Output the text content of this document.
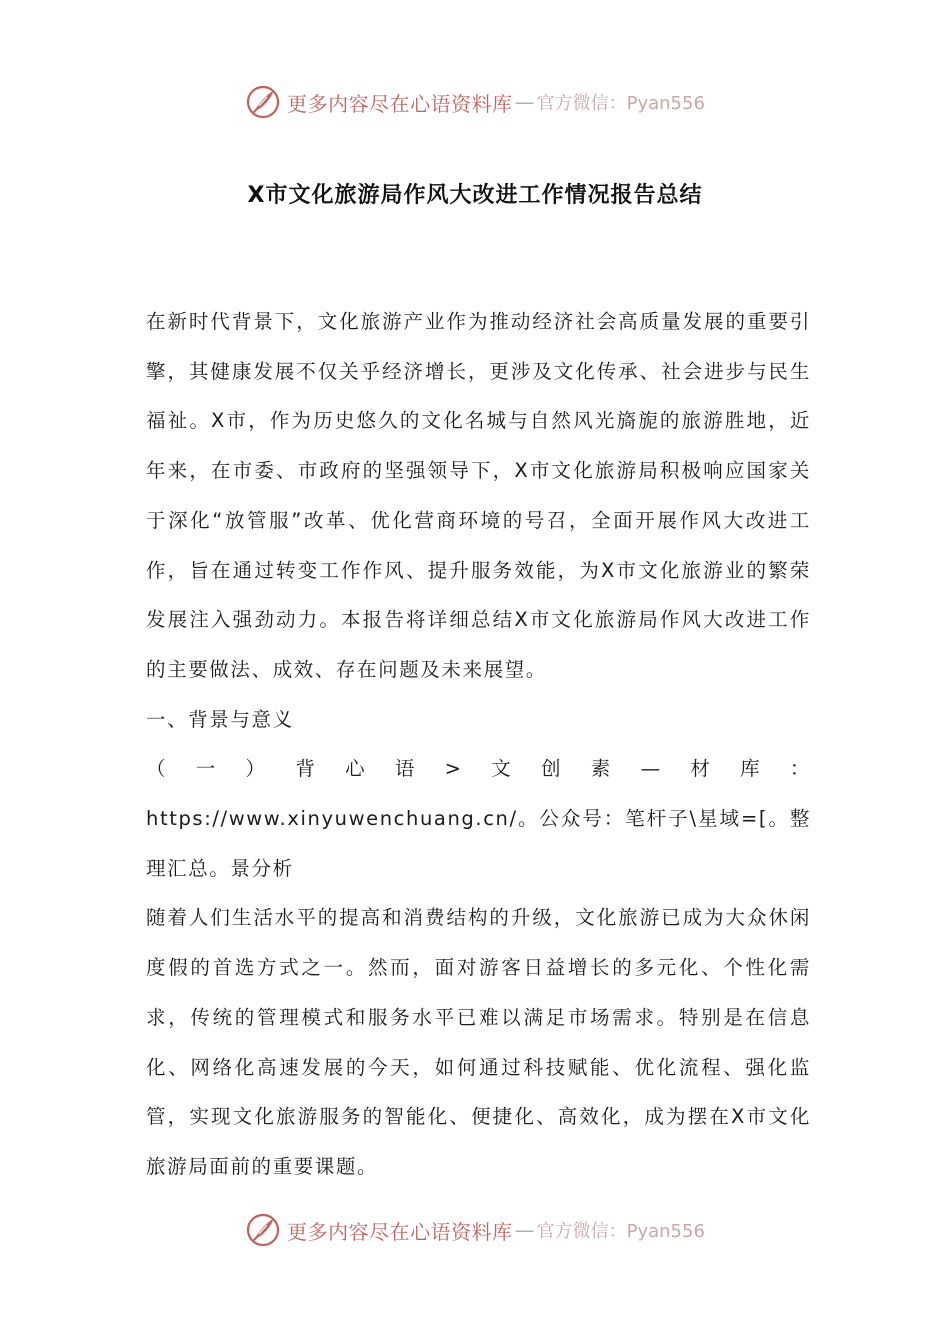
更多内容尽在心语资料库 — 官方微信：Pyan556
X市文化旅游局作风大改进工作情况报告总结

在新时代背景下，文化旅游产业作为推动经济社会高质量发展的重要引擎，其健康发展不仅关乎经济增长，更涉及文化传承、社会进步与民生福祉。X市，作为历史悠久的文化名城与自然风光旖旎的旅游胜地，近年来，在市委、市政府的坚强领导下，X市文化旅游局积极响应国家关于深化“放管服”改革、优化营商环境的号召，全面开展作风大改进工作，旨在通过转变工作作风、提升服务效能，为X市文化旅游业的繁荣发展注入强劲动力。本报告将详细总结X市文化旅游局作风大改进工作的主要做法、成效、存在问题及未来展望。

一、背景与意义

（一）背心语>文创素—材库：https://www.xinyuwenchuang.cn/。公众号：笔杆子\星域=[。整理汇总。景分析

随着人们生活水平的提高和消费结构的升级，文化旅游已成为大众休闲度假的首选方式之一。然而，面对游客日益增长的多元化、个性化需求，传统的管理模式和服务水平已难以满足市场需求。特别是在信息化、网络化高速发展的今天，如何通过科技赋能、优化流程、强化监管，实现文化旅游服务的智能化、便捷化、高效化，成为摆在X市文化旅游局面前的重要课题。

更多内容尽在心语资料库 — 官方微信：Pyan556
